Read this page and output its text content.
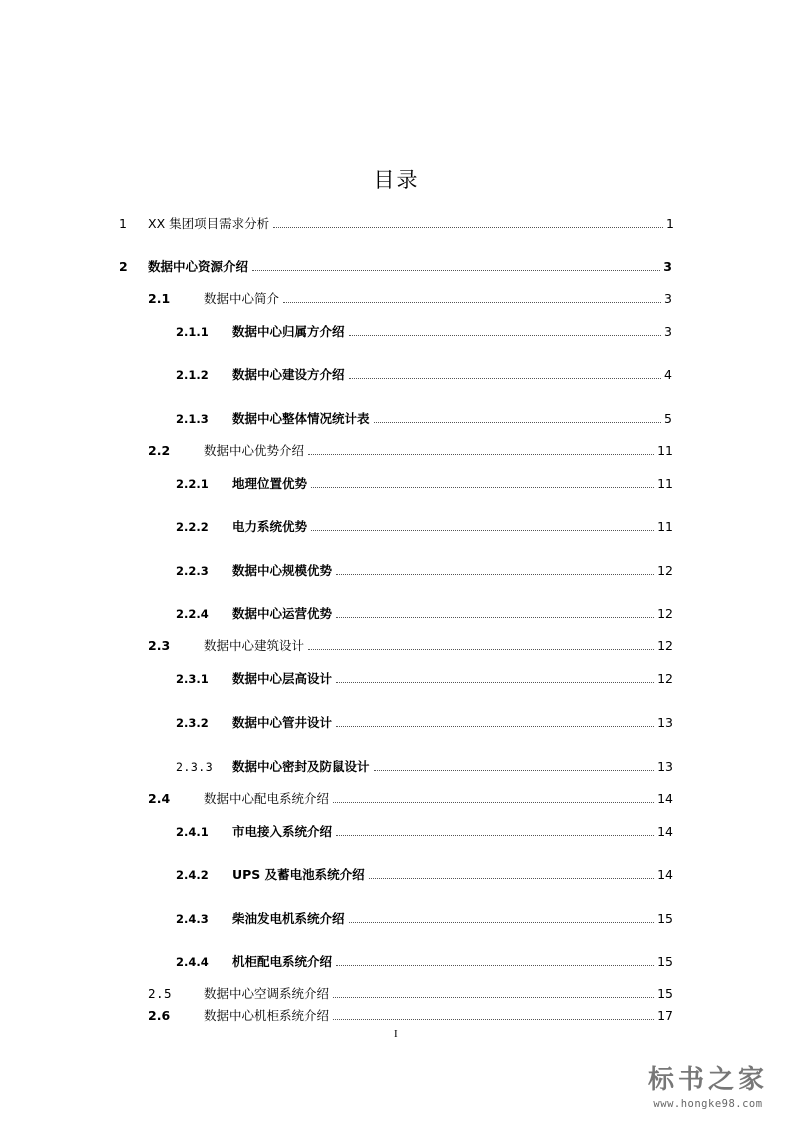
目录
1 XX 集团项目需求分析	1
2 数据中心资源介绍	3
2.1	数据中心简介	3
2.1.1 数据中心归属方介绍	3
2.1.2 数据中心建设方介绍	4
2.1.3 数据中心整体情况统计表	5
2.2	数据中心优势介绍	11
2.2.1 地理位置优势	11
2.2.2 电力系统优势	11
2.2.3 数据中心规模优势	12
2.2.4 数据中心运营优势	12
2.3	数据中心建筑设计	12
2.3.1 数据中心层高设计	12
2.3.2 数据中心管井设计	13
2.3.3 数据中心密封及防鼠设计	13
2.4	数据中心配电系统介绍	14
2.4.1 市电接入系统介绍	14
2.4.2 UPS 及蓄电池系统介绍	14
2.4.3 柴油发电机系统介绍	15
2.4.4 机柜配电系统介绍	15
2.5	数据中心空调系统介绍	15
2.6	数据中心机柜系统介绍	17
I
标书之家
www.hongke98.com
